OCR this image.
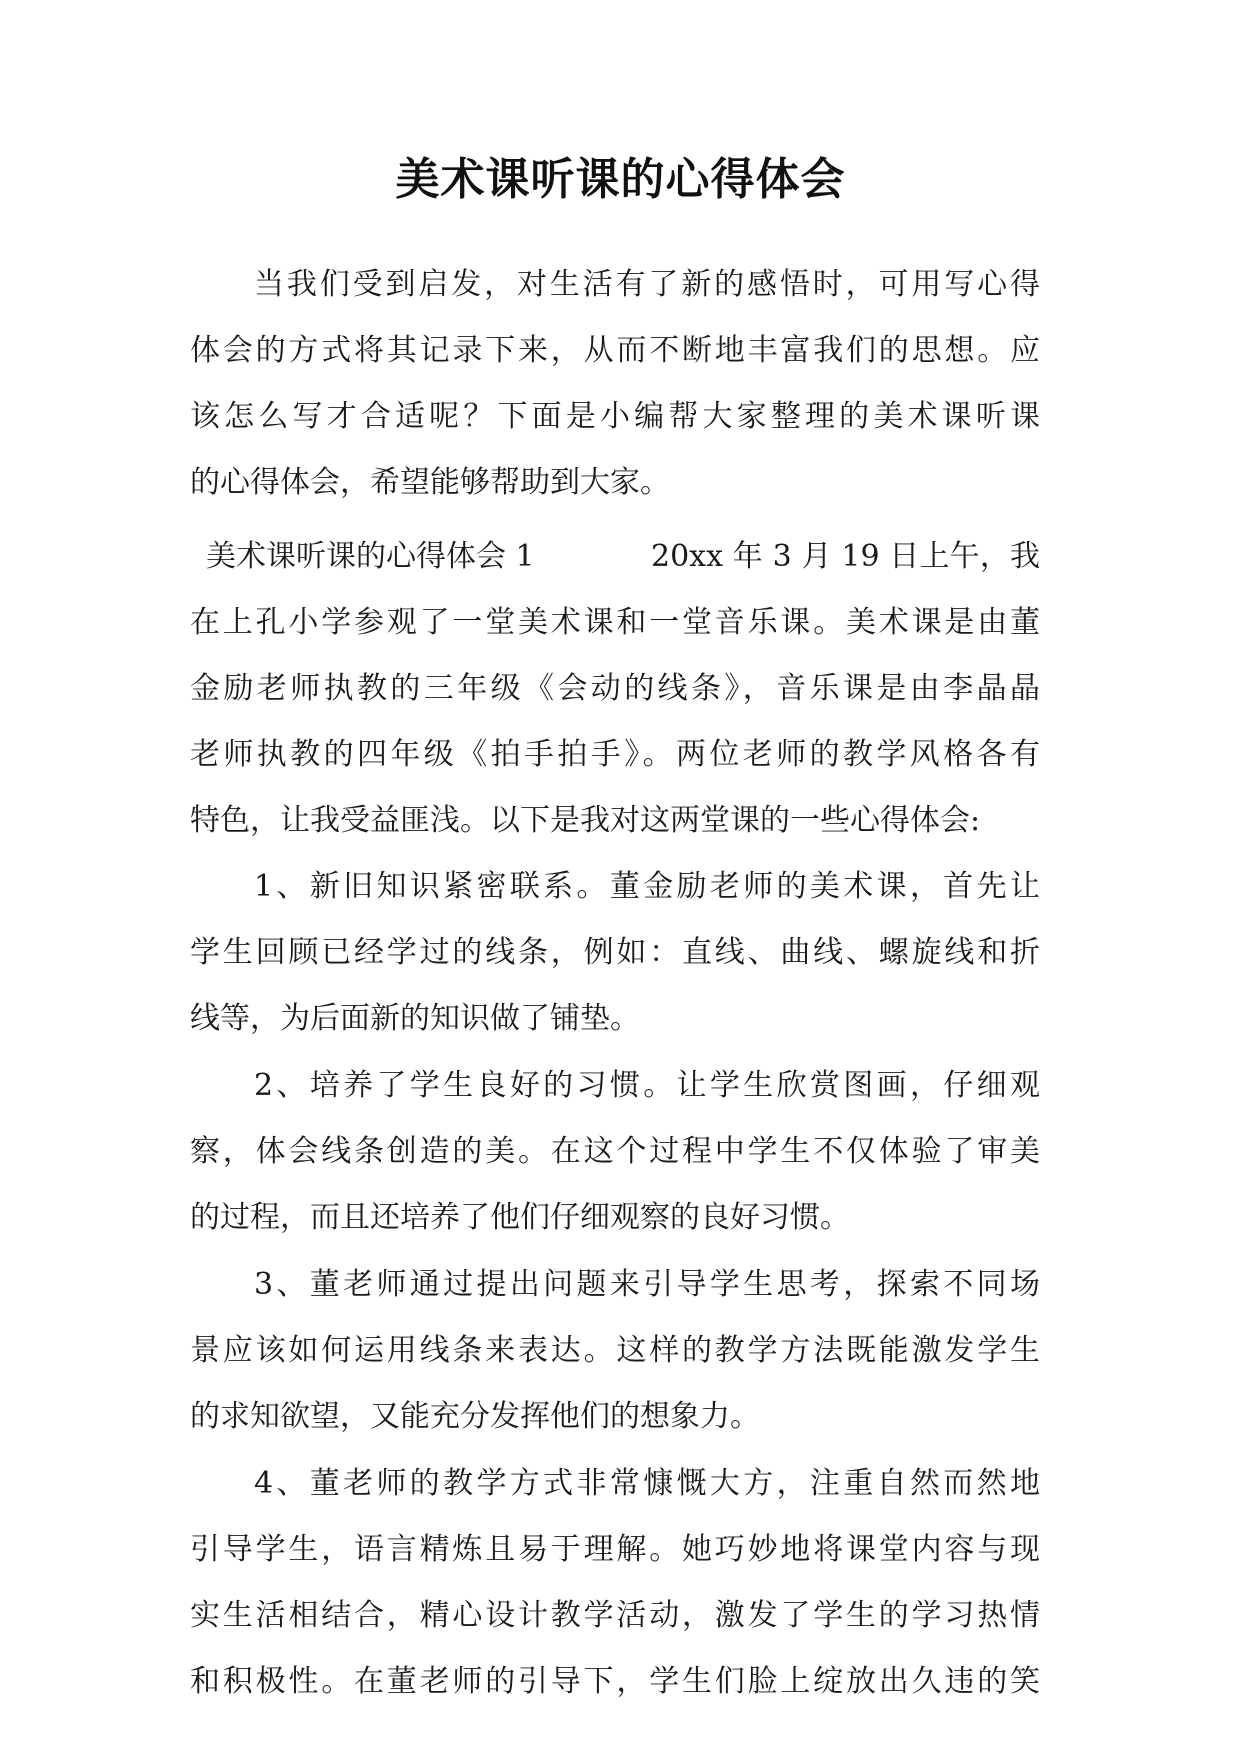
美术课听课的心得体会
当我们受到启发，对生活有了新的感悟时，可用写心得
体会的方式将其记录下来，从而不断地丰富我们的思想。应
该怎么写才合适呢？下面是小编帮大家整理的美术课听课
的心得体会，希望能够帮助到大家。
美术课听课的心得体会 1	20xx 年 3 月 19 日上午，我
在上孔小学参观了一堂美术课和一堂音乐课。美术课是由董
金励老师执教的三年级《会动的线条》，音乐课是由李晶晶
老师执教的四年级《拍手拍手》。两位老师的教学风格各有
特色，让我受益匪浅。以下是我对这两堂课的一些心得体会:
1、新旧知识紧密联系。董金励老师的美术课，首先让
学生回顾已经学过的线条，例如：直线、曲线、螺旋线和折
线等，为后面新的知识做了铺垫。
2、培养了学生良好的习惯。让学生欣赏图画，仔细观
察，体会线条创造的美。在这个过程中学生不仅体验了审美
的过程，而且还培养了他们仔细观察的良好习惯。
3、董老师通过提出问题来引导学生思考，探索不同场
景应该如何运用线条来表达。这样的教学方法既能激发学生
的求知欲望，又能充分发挥他们的想象力。
4、董老师的教学方式非常慷慨大方，注重自然而然地
引导学生，语言精炼且易于理解。她巧妙地将课堂内容与现
实生活相结合，精心设计教学活动，激发了学生的学习热情
和积极性。在董老师的引导下，学生们脸上绽放出久违的笑
